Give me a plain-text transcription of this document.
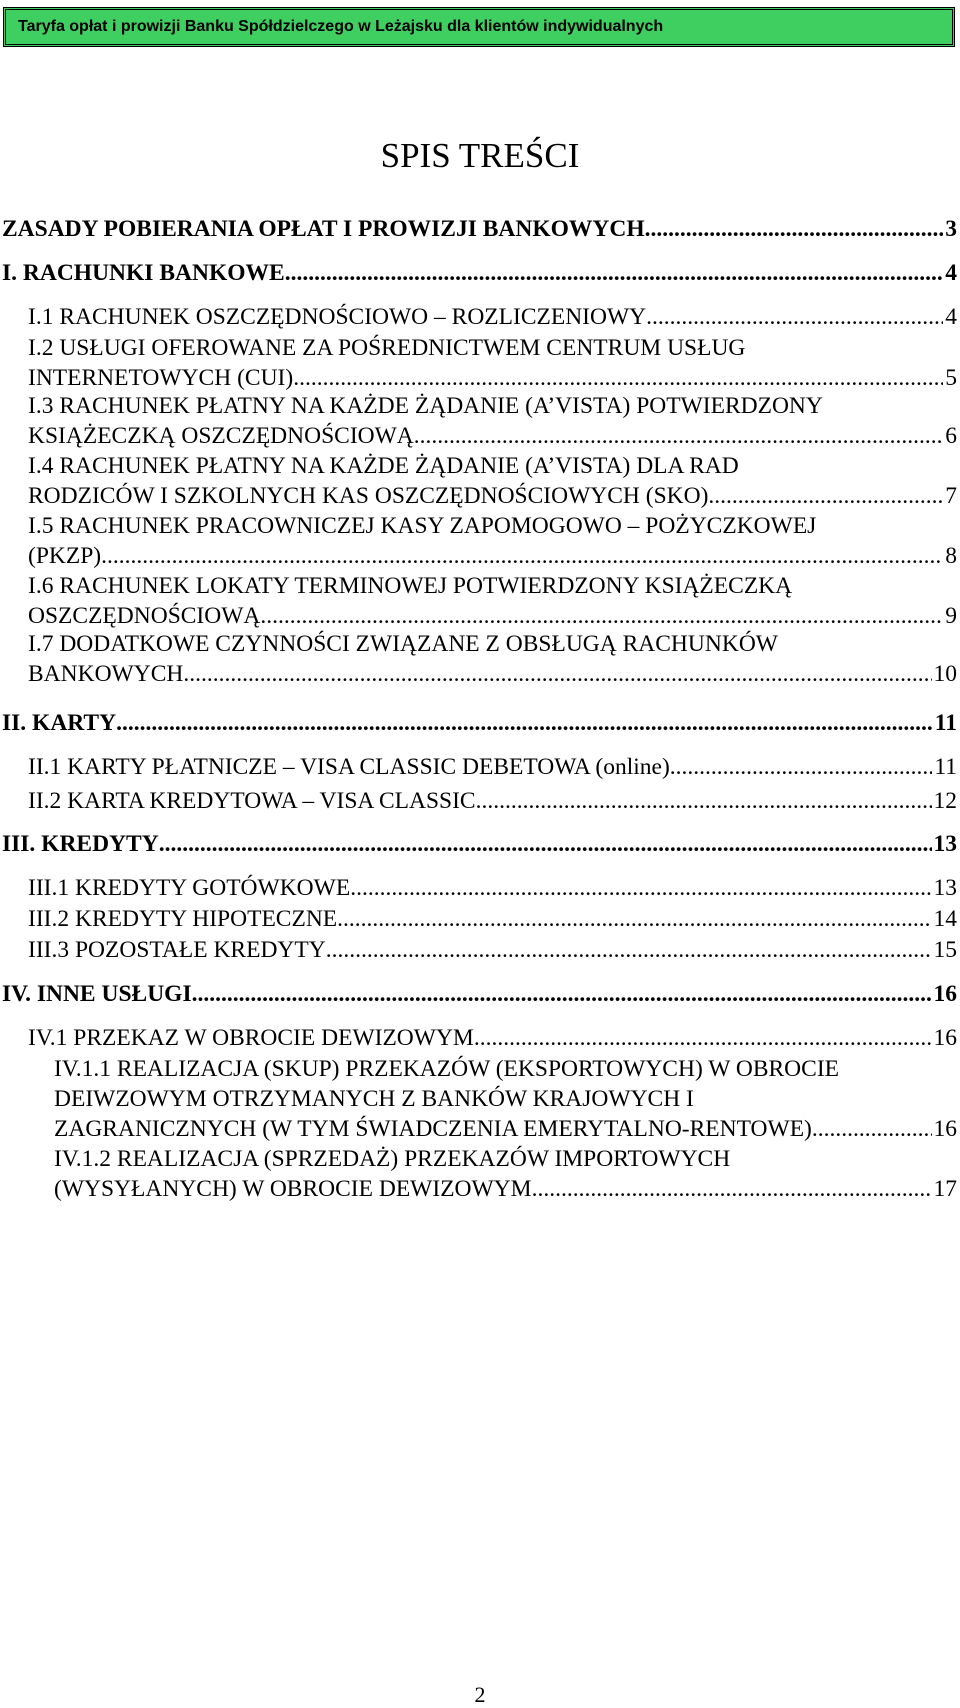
Taryfa opłat i prowizji Banku Spółdzielczego w Leżajsku dla klientów indywidualnych
SPIS TREŚCI
ZASADY POBIERANIA OPŁAT I PROWIZJI BANKOWYCH .....	3
I. RACHUNKI BANKOWE .....	4
I.1 RACHUNEK OSZCZĘDNOŚCIOWO – ROZLICZENIOWY .....	4
I.2 USŁUGI OFEROWANE ZA POŚREDNICTWEM CENTRUM USŁUG
INTERNETOWYCH (CUI) .....	5
I.3 RACHUNEK PŁATNY NA KAŻDE ŻĄDANIE (A’VISTA) POTWIERDZONY
KSIĄŻECZKĄ OSZCZĘDNOŚCIOWĄ .....	6
I.4 RACHUNEK PŁATNY NA KAŻDE ŻĄDANIE (A’VISTA) DLA RAD
RODZICÓW I SZKOLNYCH KAS OSZCZĘDNOŚCIOWYCH (SKO) .....	7
I.5 RACHUNEK PRACOWNICZEJ KASY ZAPOMOGOWO – POŻYCZKOWEJ
(PKZP) .....	8
I.6 RACHUNEK LOKATY TERMINOWEJ POTWIERDZONY KSIĄŻECZKĄ
OSZCZĘDNOŚCIOWĄ .....	9
I.7 DODATKOWE CZYNNOŚCI ZWIĄZANE Z OBSŁUGĄ RACHUNKÓW
BANKOWYCH .....	10
II. KARTY .....	11
II.1 KARTY PŁATNICZE – VISA CLASSIC DEBETOWA (online) .....	11
II.2 KARTA KREDYTOWA – VISA CLASSIC .....	12
III. KREDYTY .....	13
III.1 KREDYTY GOTÓWKOWE .....	13
III.2 KREDYTY HIPOTECZNE .....	14
III.3 POZOSTAŁE KREDYTY .....	15
IV. INNE USŁUGI .....	16
IV.1 PRZEKAZ W OBROCIE DEWIZOWYM .....	16
IV.1.1 REALIZACJA (SKUP) PRZEKAZÓW (EKSPORTOWYCH) W OBROCIE
DEIWZOWYM OTRZYMANYCH Z BANKÓW KRAJOWYCH I
ZAGRANICZNYCH (W TYM ŚWIADCZENIA EMERYTALNO-RENTOWE) .....	16
IV.1.2 REALIZACJA (SPRZEDAŻ) PRZEKAZÓW IMPORTOWYCH
(WYSYŁANYCH) W OBROCIE DEWIZOWYM .....	17
2
